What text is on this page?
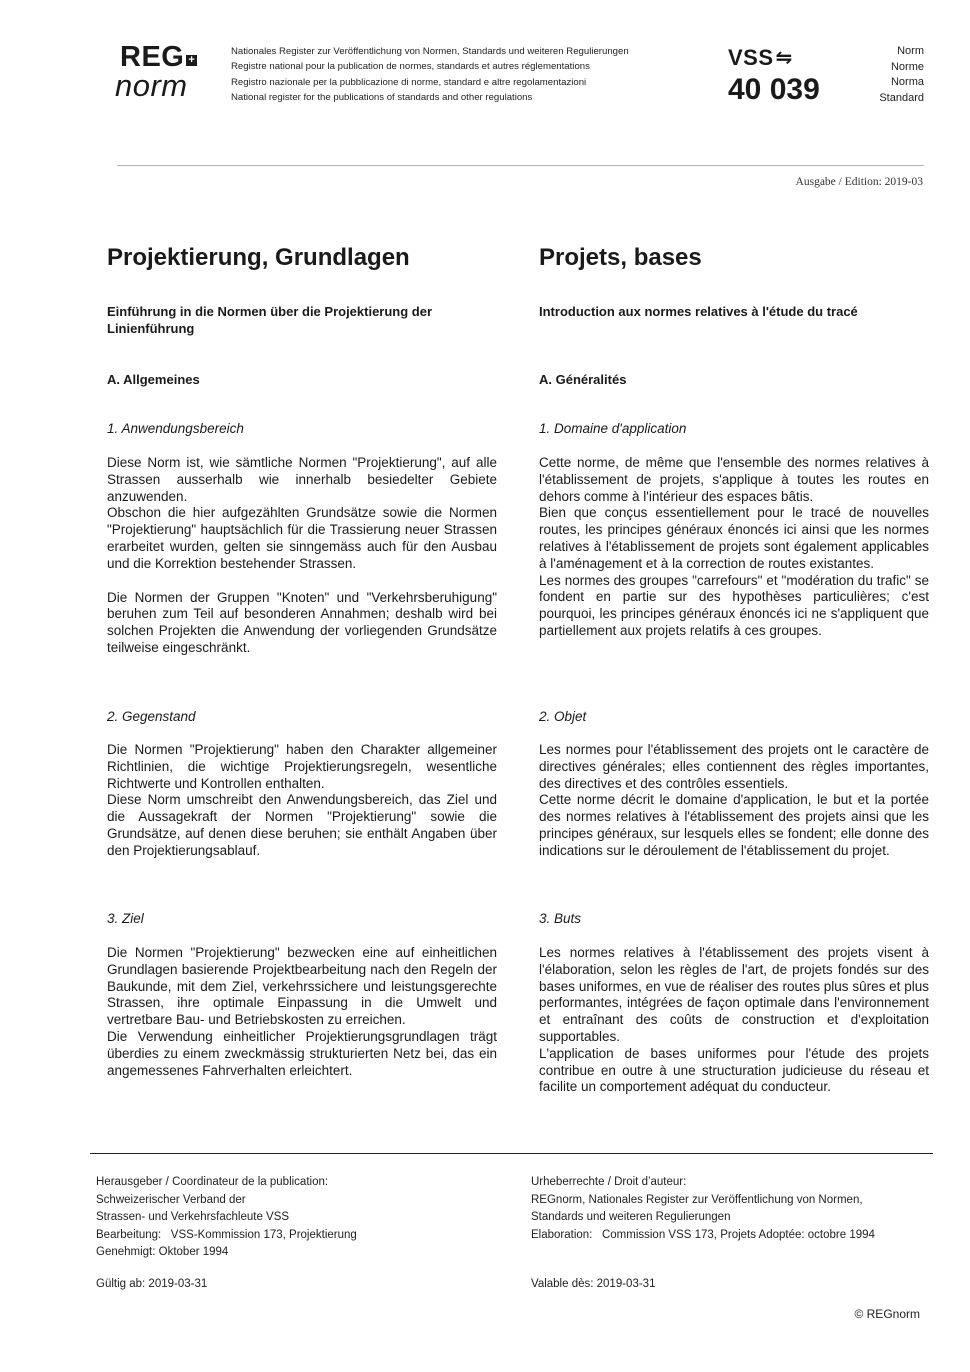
REG +
norm
Nationales Register zur Veröffentlichung von Normen, Standards und weiteren Regulierungen
Registre national pour la publication de normes, standards et autres réglementations
Registro nazionale per la pubblicazione di norme, standard e altre regolamentazioni
National register for the publications of standards and other regulations
VSS ⇋
40 039
Norm
Norme
Norma
Standard
Ausgabe / Edition: 2019-03
Projektierung, Grundlagen
Einführung in die Normen über die Projektierung der Linienführung
A. Allgemeines
1. Anwendungsbereich

Diese Norm ist, wie sämtliche Normen "Projektierung", auf alle Strassen ausserhalb wie innerhalb besiedelter Gebiete anzuwenden.

Obschon die hier aufgezählten Grundsätze sowie die Normen "Projektierung" hauptsächlich für die Trassierung neuer Strassen erarbeitet wurden, gelten sie sinngemäss auch für den Ausbau und die Korrektion bestehender Strassen.

Die Normen der Gruppen "Knoten" und "Verkehrsberuhigung" beruhen zum Teil auf besonderen Annahmen; deshalb wird bei solchen Projekten die Anwendung der vorliegenden Grundsätze teilweise eingeschränkt.

2. Gegenstand

Die Normen "Projektierung" haben den Charakter allgemeiner Richtlinien, die wichtige Projektierungsregeln, wesentliche Richtwerte und Kontrollen enthalten.

Diese Norm umschreibt den Anwendungsbereich, das Ziel und die Aussagekraft der Normen "Projektierung" sowie die Grundsätze, auf denen diese beruhen; sie enthält Angaben über den Projektierungsablauf.

3. Ziel

Die Normen "Projektierung" bezwecken eine auf einheitlichen Grundlagen basierende Projektbearbeitung nach den Regeln der Baukunde, mit dem Ziel, verkehrssichere und leistungsgerechte Strassen, ihre optimale Einpassung in die Umwelt und vertretbare Bau- und Betriebskosten zu erreichen.

Die Verwendung einheitlicher Projektierungsgrundlagen trägt überdies zu einem zweckmässig strukturierten Netz bei, das ein angemessenes Fahrverhalten erleichtert.

Projets, bases
Introduction aux normes relatives à l'étude du tracé
A. Généralités
1. Domaine d'application

Cette norme, de même que l'ensemble des normes relatives à l'établissement de projets, s'applique à toutes les routes en dehors comme à l'intérieur des espaces bâtis.

Bien que conçus essentiellement pour le tracé de nouvelles routes, les principes généraux énoncés ici ainsi que les normes relatives à l'établissement de projets sont également applicables à l'aménagement et à la correction de routes existantes.

Les normes des groupes "carrefours" et "modération du trafic" se fondent en partie sur des hypothèses particulières; c'est pourquoi, les principes généraux énoncés ici ne s'appliquent que partiellement aux projets relatifs à ces groupes.

2. Objet

Les normes pour l'établissement des projets ont le caractère de directives générales; elles contiennent des règles importantes, des directives et des contrôles essentiels.

Cette norme décrit le domaine d'application, le but et la portée des normes relatives à l'établissement des projets ainsi que les principes généraux, sur lesquels elles se fondent; elle donne des indications sur le déroulement de l'établissement du projet.

3. Buts

Les normes relatives à l'établissement des projets visent à l'élaboration, selon les règles de l'art, de projets fondés sur des bases uniformes, en vue de réaliser des routes plus sûres et plus performantes, intégrées de façon optimale dans l'environnement et entraînant des coûts de construction et d'exploitation supportables.

L'application de bases uniformes pour l'étude des projets contribue en outre à une structuration judicieuse du réseau et facilite un comportement adéquat du conducteur.

Herausgeber / Coordinateur de la publication:
Schweizerischer Verband der
Strassen- und Verkehrsfachleute VSS
Bearbeitung:   VSS-Kommission 173, Projektierung
Genehmigt: Oktober 1994
Gültig ab: 2019-03-31
Urheberrechte / Droit d’auteur:
REGnorm, Nationales Register zur Veröffentlichung von Normen,
Standards und weiteren Regulierungen
Elaboration:   Commission VSS 173, Projets Adoptée: octobre 1994
Valable dès: 2019-03-31
© REGnorm
